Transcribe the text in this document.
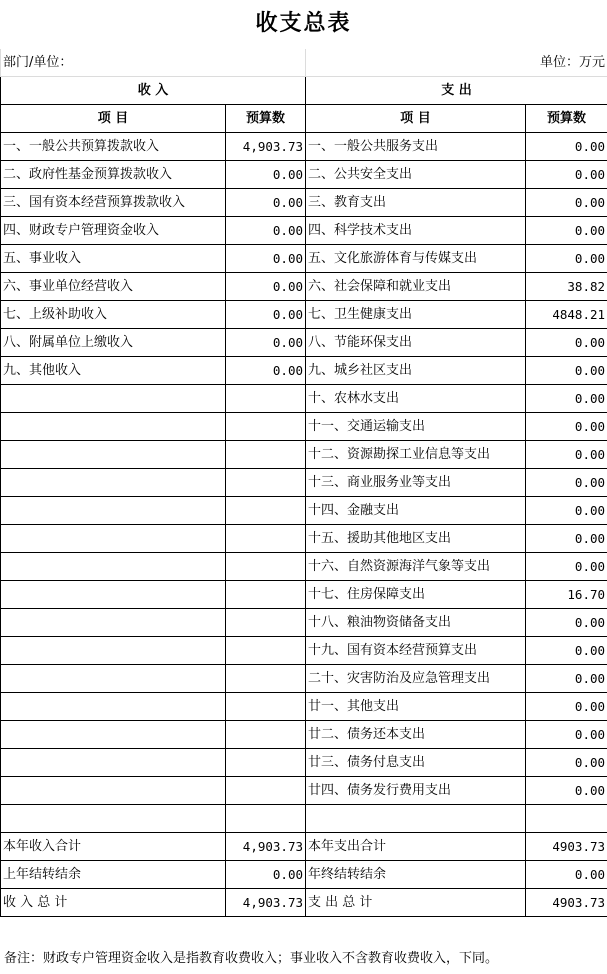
收支总表
部门/单位：		单位：万元	
收 入		支 出	
项 目	预算数	项 目	预算数
一、一般公共预算拨款收入	4,903.73	一、一般公共服务支出	0.00
二、政府性基金预算拨款收入	0.00	二、公共安全支出	0.00
三、国有资本经营预算拨款收入	0.00	三、教育支出	0.00
四、财政专户管理资金收入	0.00	四、科学技术支出	0.00
五、事业收入	0.00	五、文化旅游体育与传媒支出	0.00
六、事业单位经营收入	0.00	六、社会保障和就业支出	38.82
七、上级补助收入	0.00	七、卫生健康支出	4848.21
八、附属单位上缴收入	0.00	八、节能环保支出	0.00
九、其他收入	0.00	九、城乡社区支出	0.00
		十、农林水支出	0.00
		十一、交通运输支出	0.00
		十二、资源勘探工业信息等支出	0.00
		十三、商业服务业等支出	0.00
		十四、金融支出	0.00
		十五、援助其他地区支出	0.00
		十六、自然资源海洋气象等支出	0.00
		十七、住房保障支出	16.70
		十八、粮油物资储备支出	0.00
		十九、国有资本经营预算支出	0.00
		二十、灾害防治及应急管理支出	0.00
		廿一、其他支出	0.00
		廿二、债务还本支出	0.00
		廿三、债务付息支出	0.00
		廿四、债务发行费用支出	0.00

本年收入合计	4,903.73	本年支出合计	4903.73
上年结转结余	0.00	年终结转结余	0.00
收 入 总 计	4,903.73	支 出 总 计	4903.73
备注：财政专户管理资金收入是指教育收费收入；事业收入不含教育收费收入，下同。
